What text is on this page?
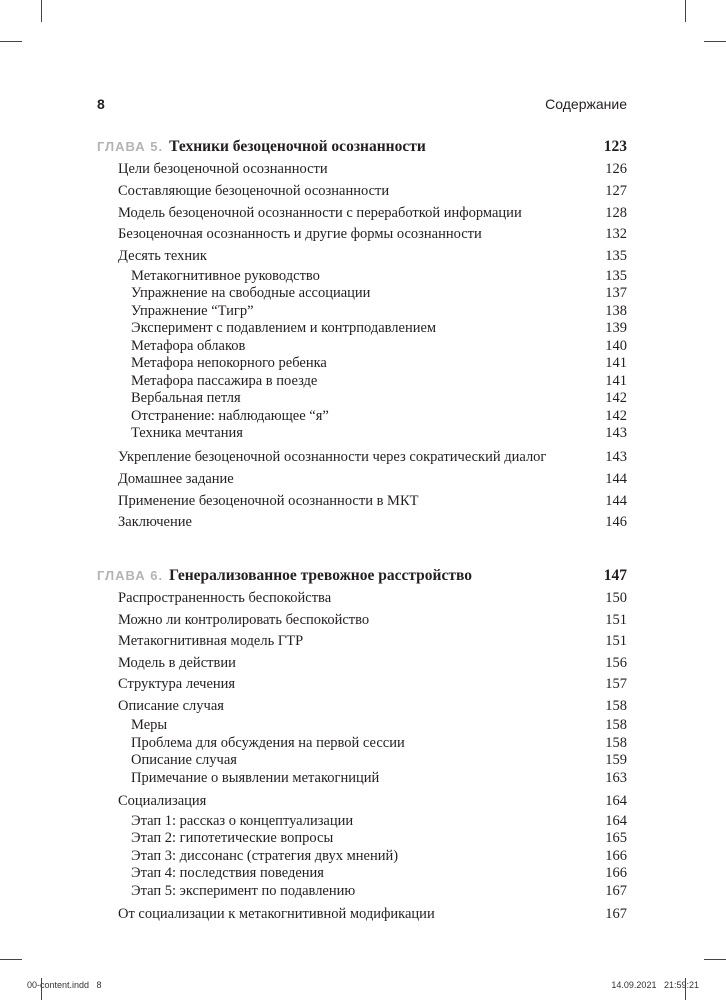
8	Содержание
ГЛАВА 5. Техники безоценочной осознанности	123
Цели безоценочной осознанности	126
Составляющие безоценочной осознанности	127
Модель безоценочной осознанности с переработкой информации	128
Безоценочная осознанность и другие формы осознанности	132
Десять техник	135
Метакогнитивное руководство	135
Упражнение на свободные ассоциации	137
Упражнение “Тигр”	138
Эксперимент с подавлением и контрподавлением	139
Метафора облаков	140
Метафора непокорного ребенка	141
Метафора пассажира в поезде	141
Вербальная петля	142
Отстранение: наблюдающее “я”	142
Техника мечтания	143
Укрепление безоценочной осознанности через сократический диалог	143
Домашнее задание	144
Применение безоценочной осознанности в МКТ	144
Заключение	146
ГЛАВА 6. Генерализованное тревожное расстройство	147
Распространенность беспокойства	150
Можно ли контролировать беспокойство	151
Метакогнитивная модель ГТР	151
Модель в действии	156
Структура лечения	157
Описание случая	158
Меры	158
Проблема для обсуждения на первой сессии	158
Описание случая	159
Примечание о выявлении метакогниций	163
Социализация	164
Этап 1: рассказ о концептуализации	164
Этап 2: гипотетические вопросы	165
Этап 3: диссонанс (стратегия двух мнений)	166
Этап 4: последствия поведения	166
Этап 5: эксперимент по подавлению	167
От социализации к метакогнитивной модификации	167
00-content.indd   8	14.09.2021   21:59:21
